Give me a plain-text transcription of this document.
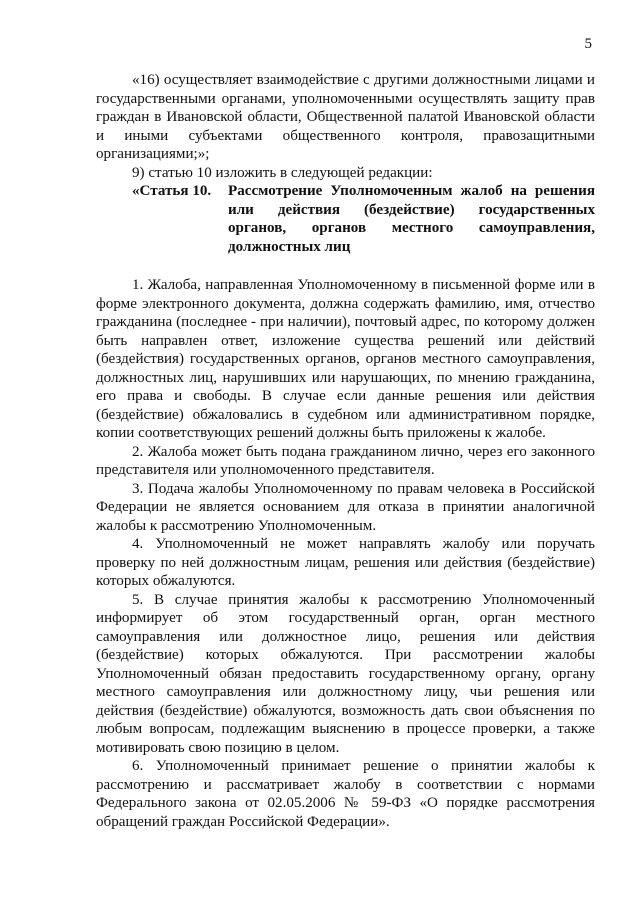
5

«16) осуществляет взаимодействие с другими должностными лицами и государственными органами, уполномоченными осуществлять защиту прав граждан в Ивановской области, Общественной палатой Ивановской области и иными субъектами общественного контроля, правозащитными организациями;»;

9) статью 10 изложить в следующей редакции:

«Статья 10.	Рассмотрение Уполномоченным жалоб на решения или действия (бездействие) государственных органов, органов местного самоуправления, должностных лиц

1. Жалоба, направленная Уполномоченному в письменной форме или в форме электронного документа, должна содержать фамилию, имя, отчество гражданина (последнее - при наличии), почтовый адрес, по которому должен быть направлен ответ, изложение существа решений или действий (бездействия) государственных органов, органов местного самоуправления, должностных лиц, нарушивших или нарушающих, по мнению гражданина, его права и свободы. В случае если данные решения или действия (бездействие) обжаловались в судебном или административном порядке, копии соответствующих решений должны быть приложены к жалобе.

2. Жалоба может быть подана гражданином лично, через его законного представителя или уполномоченного представителя.

3. Подача жалобы Уполномоченному по правам человека в Российской Федерации не является основанием для отказа в принятии аналогичной жалобы к рассмотрению Уполномоченным.

4. Уполномоченный не может направлять жалобу или поручать проверку по ней должностным лицам, решения или действия (бездействие) которых обжалуются.

5. В случае принятия жалобы к рассмотрению Уполномоченный информирует об этом государственный орган, орган местного самоуправления или должностное лицо, решения или действия (бездействие) которых обжалуются. При рассмотрении жалобы Уполномоченный обязан предоставить государственному органу, органу местного самоуправления или должностному лицу, чьи решения или действия (бездействие) обжалуются, возможность дать свои объяснения по любым вопросам, подлежащим выяснению в процессе проверки, а также мотивировать свою позицию в целом.

6. Уполномоченный принимает решение о принятии жалобы к рассмотрению и рассматривает жалобу в соответствии с нормами Федерального закона от 02.05.2006 № 59-ФЗ «О порядке рассмотрения обращений граждан Российской Федерации».
